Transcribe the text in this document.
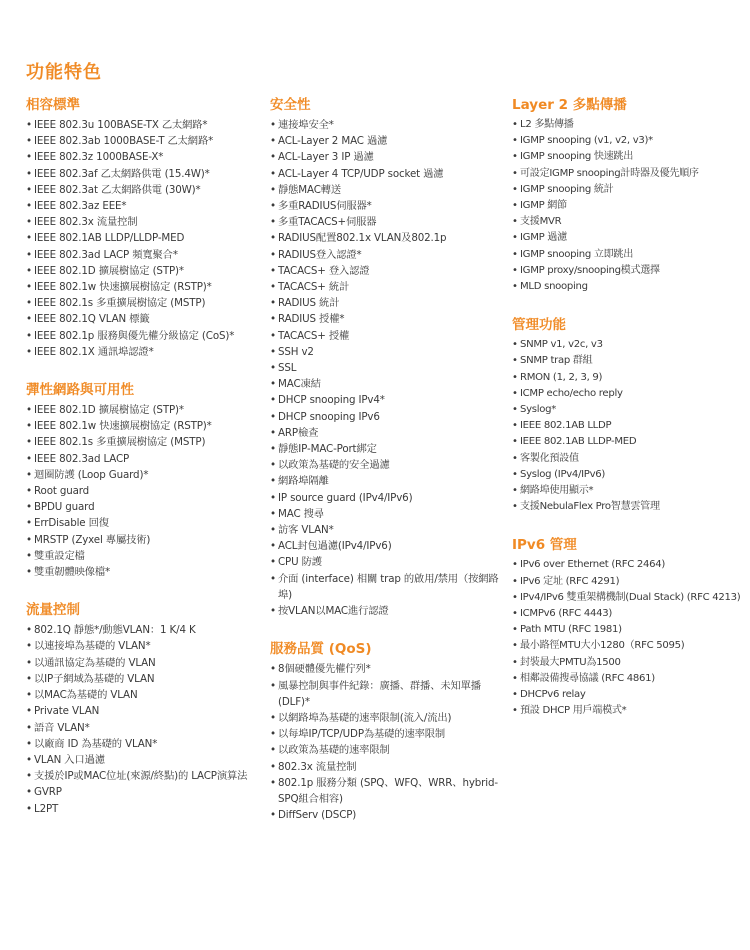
功能特色
相容標準
• IEEE 802.3u 100BASE-TX 乙太網路*
• IEEE 802.3ab 1000BASE-T 乙太網路*
• IEEE 802.3z 1000BASE-X*
• IEEE 802.3af 乙太網路供電 (15.4W)*
• IEEE 802.3at 乙太網路供電 (30W)*
• IEEE 802.3az EEE*
• IEEE 802.3x 流量控制
• IEEE 802.1AB LLDP/LLDP-MED
• IEEE 802.3ad LACP 頻寬聚合*
• IEEE 802.1D 擴展樹協定 (STP)*
• IEEE 802.1w 快速擴展樹協定 (RSTP)*
• IEEE 802.1s 多重擴展樹協定 (MSTP)
• IEEE 802.1Q VLAN 標籤
• IEEE 802.1p 服務與優先權分級協定 (CoS)*
• IEEE 802.1X 通訊埠認證*
彈性網路與可用性
• IEEE 802.1D 擴展樹協定 (STP)*
• IEEE 802.1w 快速擴展樹協定 (RSTP)*
• IEEE 802.1s 多重擴展樹協定 (MSTP)
• IEEE 802.3ad LACP
• 迴圈防護 (Loop Guard)*
• Root guard
• BPDU guard
• ErrDisable 回復
• MRSTP (Zyxel 專屬技術)
• 雙重設定檔
• 雙重韌體映像檔*
流量控制
• 802.1Q 靜態*/動態VLAN：1 K/4 K
• 以連接埠為基礎的 VLAN*
• 以通訊協定為基礎的 VLAN
• 以IP子網域為基礎的 VLAN
• 以MAC為基礎的 VLAN
• Private VLAN
• 語音 VLAN*
• 以廠商 ID 為基礎的 VLAN*
• VLAN 入口過濾
• 支援於IP或MAC位址(來源/終點)的 LACP演算法
• GVRP
• L2PT
安全性
• 連接埠安全*
• ACL-Layer 2 MAC 過濾
• ACL-Layer 3 IP 過濾
• ACL-Layer 4 TCP/UDP socket 過濾
• 靜態MAC轉送
• 多重RADIUS伺服器*
• 多重TACACS+伺服器
• RADIUS配置802.1x VLAN及802.1p
• RADIUS登入認證*
• TACACS+ 登入認證
• TACACS+ 統計
• RADIUS 統計
• RADIUS 授權*
• TACACS+ 授權
• SSH v2
• SSL
• MAC凍結
• DHCP snooping IPv4*
• DHCP snooping IPv6
• ARP檢查
• 靜態IP-MAC-Port綁定
• 以政策為基礎的安全過濾
• 網路埠隔離
• IP source guard (IPv4/IPv6)
• MAC 搜尋
• 訪客 VLAN*
• ACL封包過濾(IPv4/IPv6)
• CPU 防護
• 介面 (interface) 相關 trap 的啟用/禁用（按網路埠)
• 按VLAN以MAC進行認證
服務品質 (QoS)
• 8個硬體優先權佇列*
• 風暴控制與事件紀錄：廣播、群播、未知單播(DLF)*
• 以網路埠為基礎的速率限制(流入/流出)
• 以每埠IP/TCP/UDP為基礎的速率限制
• 以政策為基礎的速率限制
• 802.3x 流量控制
• 802.1p 服務分類 (SPQ、WFQ、WRR、hybrid-SPQ組合相容)
• DiffServ (DSCP)
Layer 2 多點傳播
• L2 多點傳播
• IGMP snooping (v1, v2, v3)*
• IGMP snooping 快速跳出
• 可設定IGMP snooping計時器及優先順序
• IGMP snooping 統計
• IGMP 網節
• 支援MVR
• IGMP 過濾
• IGMP snooping 立即跳出
• IGMP proxy/snooping模式選擇
• MLD snooping
管理功能
• SNMP v1, v2c, v3
• SNMP trap 群組
• RMON (1, 2, 3, 9)
• ICMP echo/echo reply
• Syslog*
• IEEE 802.1AB LLDP
• IEEE 802.1AB LLDP-MED
• 客製化預設值
• Syslog (IPv4/IPv6)
• 網路埠使用顯示*
• 支援NebulaFlex Pro智慧雲管理
IPv6 管理
• IPv6 over Ethernet (RFC 2464)
• IPv6 定址 (RFC 4291)
• IPv4/IPv6 雙重架構機制(Dual Stack) (RFC 4213)
• ICMPv6 (RFC 4443)
• Path MTU (RFC 1981)
• 最小路徑MTU大小1280（RFC 5095)
• 封裝最大PMTU為1500
• 相鄰設備搜尋協議 (RFC 4861)
• DHCPv6 relay
• 預設 DHCP 用戶端模式*
